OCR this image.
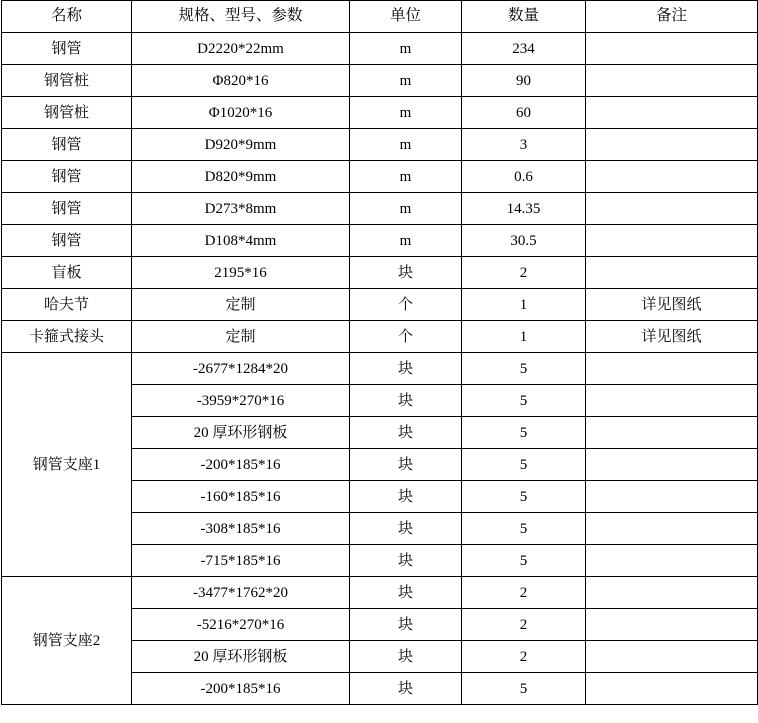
名称	规格、型号、参数	单位	数量	备注
钢管	D2220*22mm	m	234	
钢管桩	Φ820*16	m	90	
钢管桩	Φ1020*16	m	60	
钢管	D920*9mm	m	3	
钢管	D820*9mm	m	0.6	
钢管	D273*8mm	m	14.35	
钢管	D108*4mm	m	30.5	
盲板	2195*16	块	2	
哈夫节	定制	个	1	详见图纸
卡箍式接头	定制	个	1	详见图纸
钢管支座1	-2677*1284*20	块	5	
	-3959*270*16	块	5	
	20 厚环形钢板	块	5	
	-200*185*16	块	5	
	-160*185*16	块	5	
	-308*185*16	块	5	
	-715*185*16	块	5	
钢管支座2	-3477*1762*20	块	2	
	-5216*270*16	块	2	
	20 厚环形钢板	块	2	
	-200*185*16	块	5	
